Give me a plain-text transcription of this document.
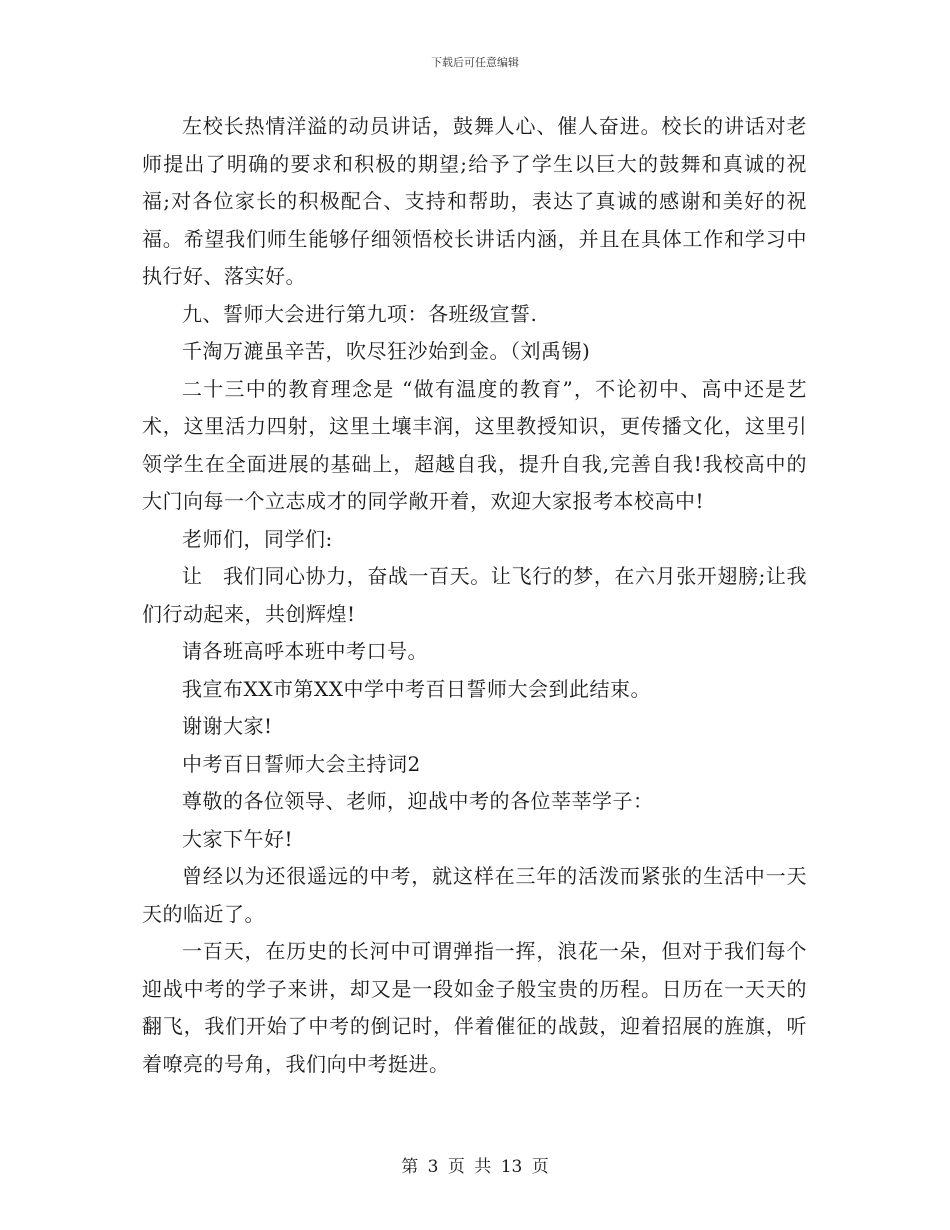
下载后可任意编辑

左校长热情洋溢的动员讲话，鼓舞人心、催人奋进。校长的讲话对老师提出了明确的要求和积极的期望;给予了学生以巨大的鼓舞和真诚的祝福;对各位家长的积极配合、支持和帮助，表达了真诚的感谢和美好的祝福。希望我们师生能够仔细领悟校长讲话内涵，并且在具体工作和学习中执行好、落实好。

九、誓师大会进行第九项：各班级宣誓.

千淘万漉虽辛苦，吹尽狂沙始到金。（刘禹锡)

二十三中的教育理念是 “做有温度的教育”，不论初中、高中还是艺术，这里活力四射，这里土壤丰润，这里教授知识，更传播文化，这里引领学生在全面进展的基础上，超越自我，提升自我,完善自我!我校高中的大门向每一个立志成才的同学敞开着，欢迎大家报考本校高中!

老师们，同学们:

让　我们同心协力，奋战一百天。让飞行的梦，在六月张开翅膀;让我们行动起来，共创辉煌!

请各班高呼本班中考口号。

我宣布XX市第XX中学中考百日誓师大会到此结束。

谢谢大家!

中考百日誓师大会主持词2

尊敬的各位领导、老师，迎战中考的各位莘莘学子：

大家下午好!

曾经以为还很遥远的中考，就这样在三年的活泼而紧张的生活中一天天的临近了。

一百天，在历史的长河中可谓弹指一挥，浪花一朵，但对于我们每个迎战中考的学子来讲，却又是一段如金子般宝贵的历程。日历在一天天的翻飞，我们开始了中考的倒记时，伴着催征的战鼓，迎着招展的旌旗，听着嘹亮的号角，我们向中考挺进。

第 3 页 共 13 页
